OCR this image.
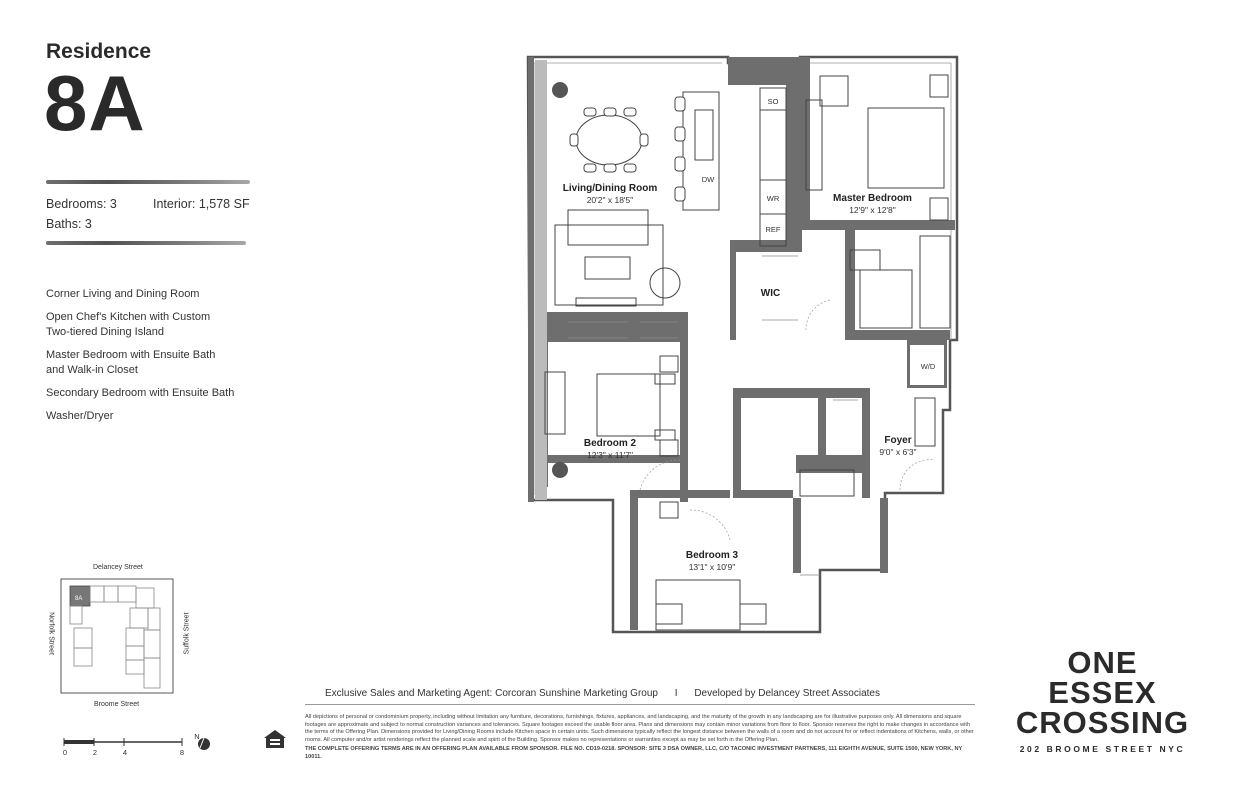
Residence
8A
Bedrooms: 3	Interior: 1,578 SF
Baths: 3
Corner Living and Dining Room
Open Chef's Kitchen with Custom Two-tiered Dining Island
Master Bedroom with Ensuite Bath and Walk-in Closet
Secondary Bedroom with Ensuite Bath
Washer/Dryer
Delancey Street
Broome Street
Norfolk Street	Suffolk Street
8A
0	2	4	8
N
Living/Dining Room
20'2" x 18'5"	Master Bedroom
12'9" x 12'8"
Bedroom 2
12'3" x 11'7"
Bedroom 3
13'1" x 10'9"
Foyer
9'0" x 6'3"
WIC
W/D
SO
DW
WR
REF
Exclusive Sales and Marketing Agent: Corcoran Sunshine Marketing Group I Developed by Delancey Street Associates
All depictions of personal or condominium property, including without limitation any furniture, decorations, furnishings, fixtures, appliances, and landscaping, and the maturity of the growth in any landscaping are for illustrative purposes only. All dimensions and square footages are approximate and subject to normal construction variances and tolerances. Square footages exceed the usable floor area. Plans and dimensions may contain minor variations from floor to floor. Sponsor reserves the right to make changes in accordance with the terms of the Offering Plan. Dimensions provided for Living/Dining Rooms include Kitchen space in certain units. Such dimensions typically reflect the longest distance between the walls of a room and do not account for or reflect indentations of Kitchens, walls, or other rooms. All computer and/or artist renderings reflect the planned scale and spirit of the Building. Sponsor makes no representations or warranties except as may be set forth in the Offering Plan.
THE COMPLETE OFFERING TERMS ARE IN AN OFFERING PLAN AVAILABLE FROM SPONSOR. FILE NO. CD19-0218. SPONSOR: SITE 3 DSA OWNER, LLC, C/O TACONIC INVESTMENT PARTNERS, 111 EIGHTH AVENUE, SUITE 1500, NEW YORK, NY 10011.
ONE
ESSEX
CROSSING
202 BROOME STREET NYC
